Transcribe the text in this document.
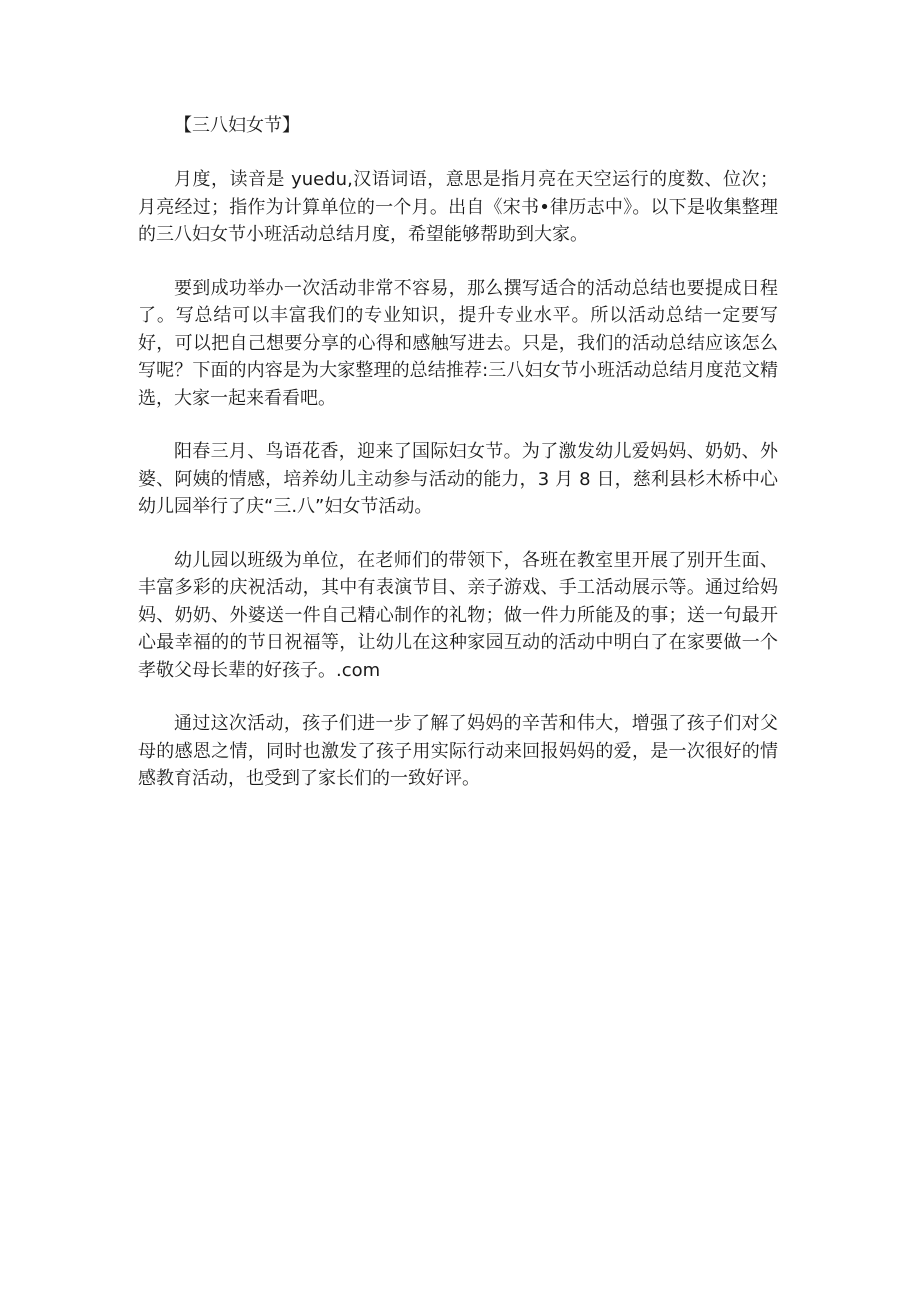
【三八妇女节】

月度，读音是 yuedu,汉语词语，意思是指月亮在天空运行的度数、位次；月亮经过；指作为计算单位的一个月。出自《宋书•律历志中》。以下是收集整理的三八妇女节小班活动总结月度，希望能够帮助到大家。

要到成功举办一次活动非常不容易，那么撰写适合的活动总结也要提成日程了。写总结可以丰富我们的专业知识，提升专业水平。所以活动总结一定要写好，可以把自己想要分享的心得和感触写进去。只是，我们的活动总结应该怎么写呢？下面的内容是为大家整理的总结推荐:三八妇女节小班活动总结月度范文精选，大家一起来看看吧。

阳春三月、鸟语花香，迎来了国际妇女节。为了激发幼儿爱妈妈、奶奶、外婆、阿姨的情感，培养幼儿主动参与活动的能力，3 月 8 日，慈利县杉木桥中心幼儿园举行了庆“三.八”妇女节活动。

幼儿园以班级为单位，在老师们的带领下，各班在教室里开展了别开生面、丰富多彩的庆祝活动，其中有表演节目、亲子游戏、手工活动展示等。通过给妈妈、奶奶、外婆送一件自己精心制作的礼物；做一件力所能及的事；送一句最开心最幸福的的节日祝福等，让幼儿在这种家园互动的活动中明白了在家要做一个孝敬父母长辈的好孩子。.com

通过这次活动，孩子们进一步了解了妈妈的辛苦和伟大，增强了孩子们对父母的感恩之情，同时也激发了孩子用实际行动来回报妈妈的爱，是一次很好的情感教育活动，也受到了家长们的一致好评。
